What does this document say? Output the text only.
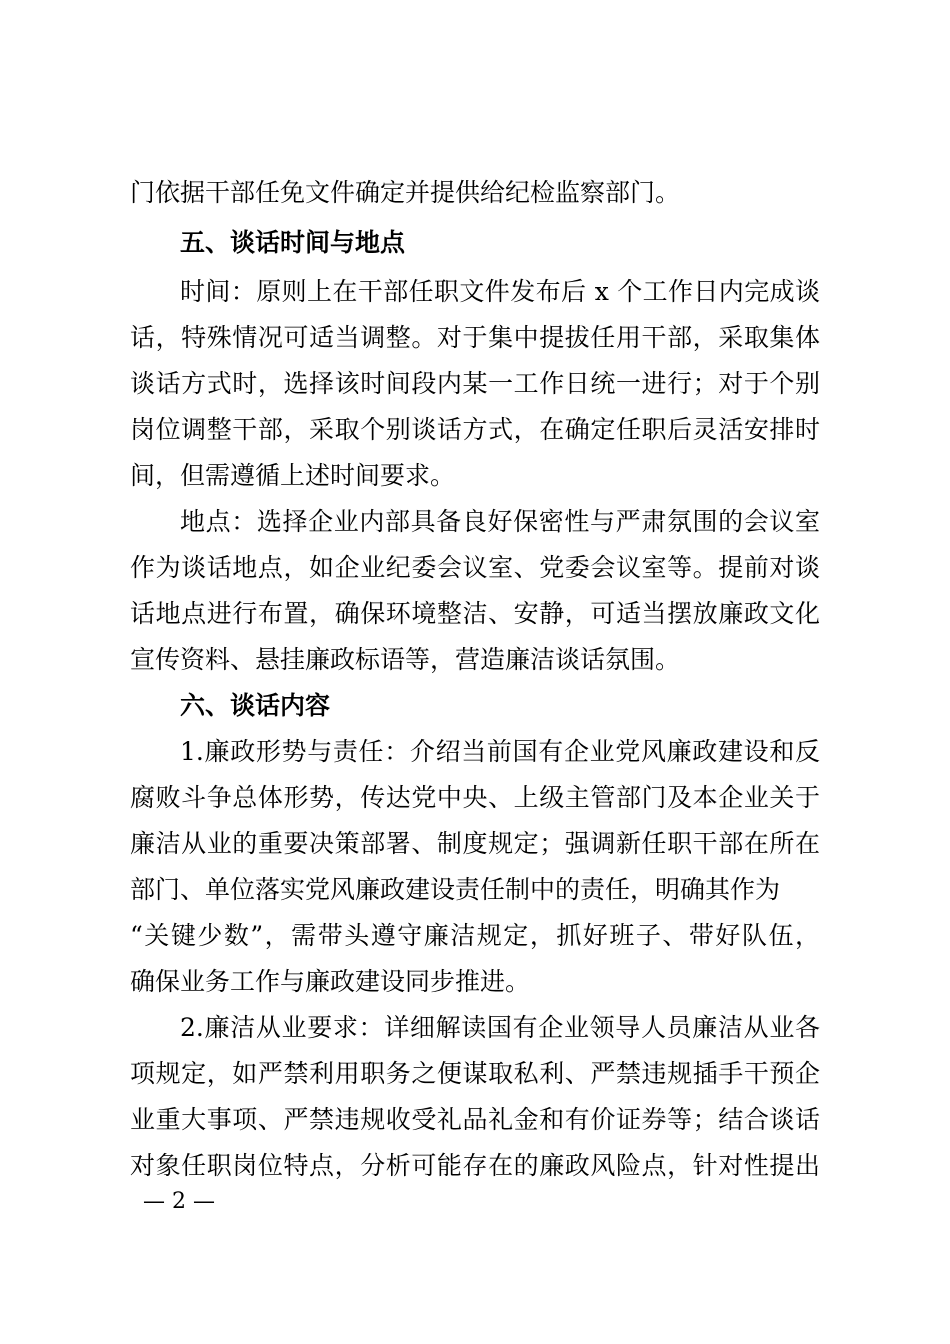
门依据干部任免文件确定并提供给纪检监察部门。
五、谈话时间与地点
时间：原则上在干部任职文件发布后 x 个工作日内完成谈
话，特殊情况可适当调整。对于集中提拔任用干部，采取集体
谈话方式时，选择该时间段内某一工作日统一进行；对于个别
岗位调整干部，采取个别谈话方式，在确定任职后灵活安排时
间，但需遵循上述时间要求。
地点：选择企业内部具备良好保密性与严肃氛围的会议室
作为谈话地点，如企业纪委会议室、党委会议室等。提前对谈
话地点进行布置，确保环境整洁、安静，可适当摆放廉政文化
宣传资料、悬挂廉政标语等，营造廉洁谈话氛围。
六、谈话内容
1.廉政形势与责任：介绍当前国有企业党风廉政建设和反
腐败斗争总体形势，传达党中央、上级主管部门及本企业关于
廉洁从业的重要决策部署、制度规定；强调新任职干部在所在
部门、单位落实党风廉政建设责任制中的责任，明确其作为
“关键少数”，需带头遵守廉洁规定，抓好班子、带好队伍，
确保业务工作与廉政建设同步推进。
2.廉洁从业要求：详细解读国有企业领导人员廉洁从业各
项规定，如严禁利用职务之便谋取私利、严禁违规插手干预企
业重大事项、严禁违规收受礼品礼金和有价证券等；结合谈话
对象任职岗位特点，分析可能存在的廉政风险点，针对性提出
— 2 —
